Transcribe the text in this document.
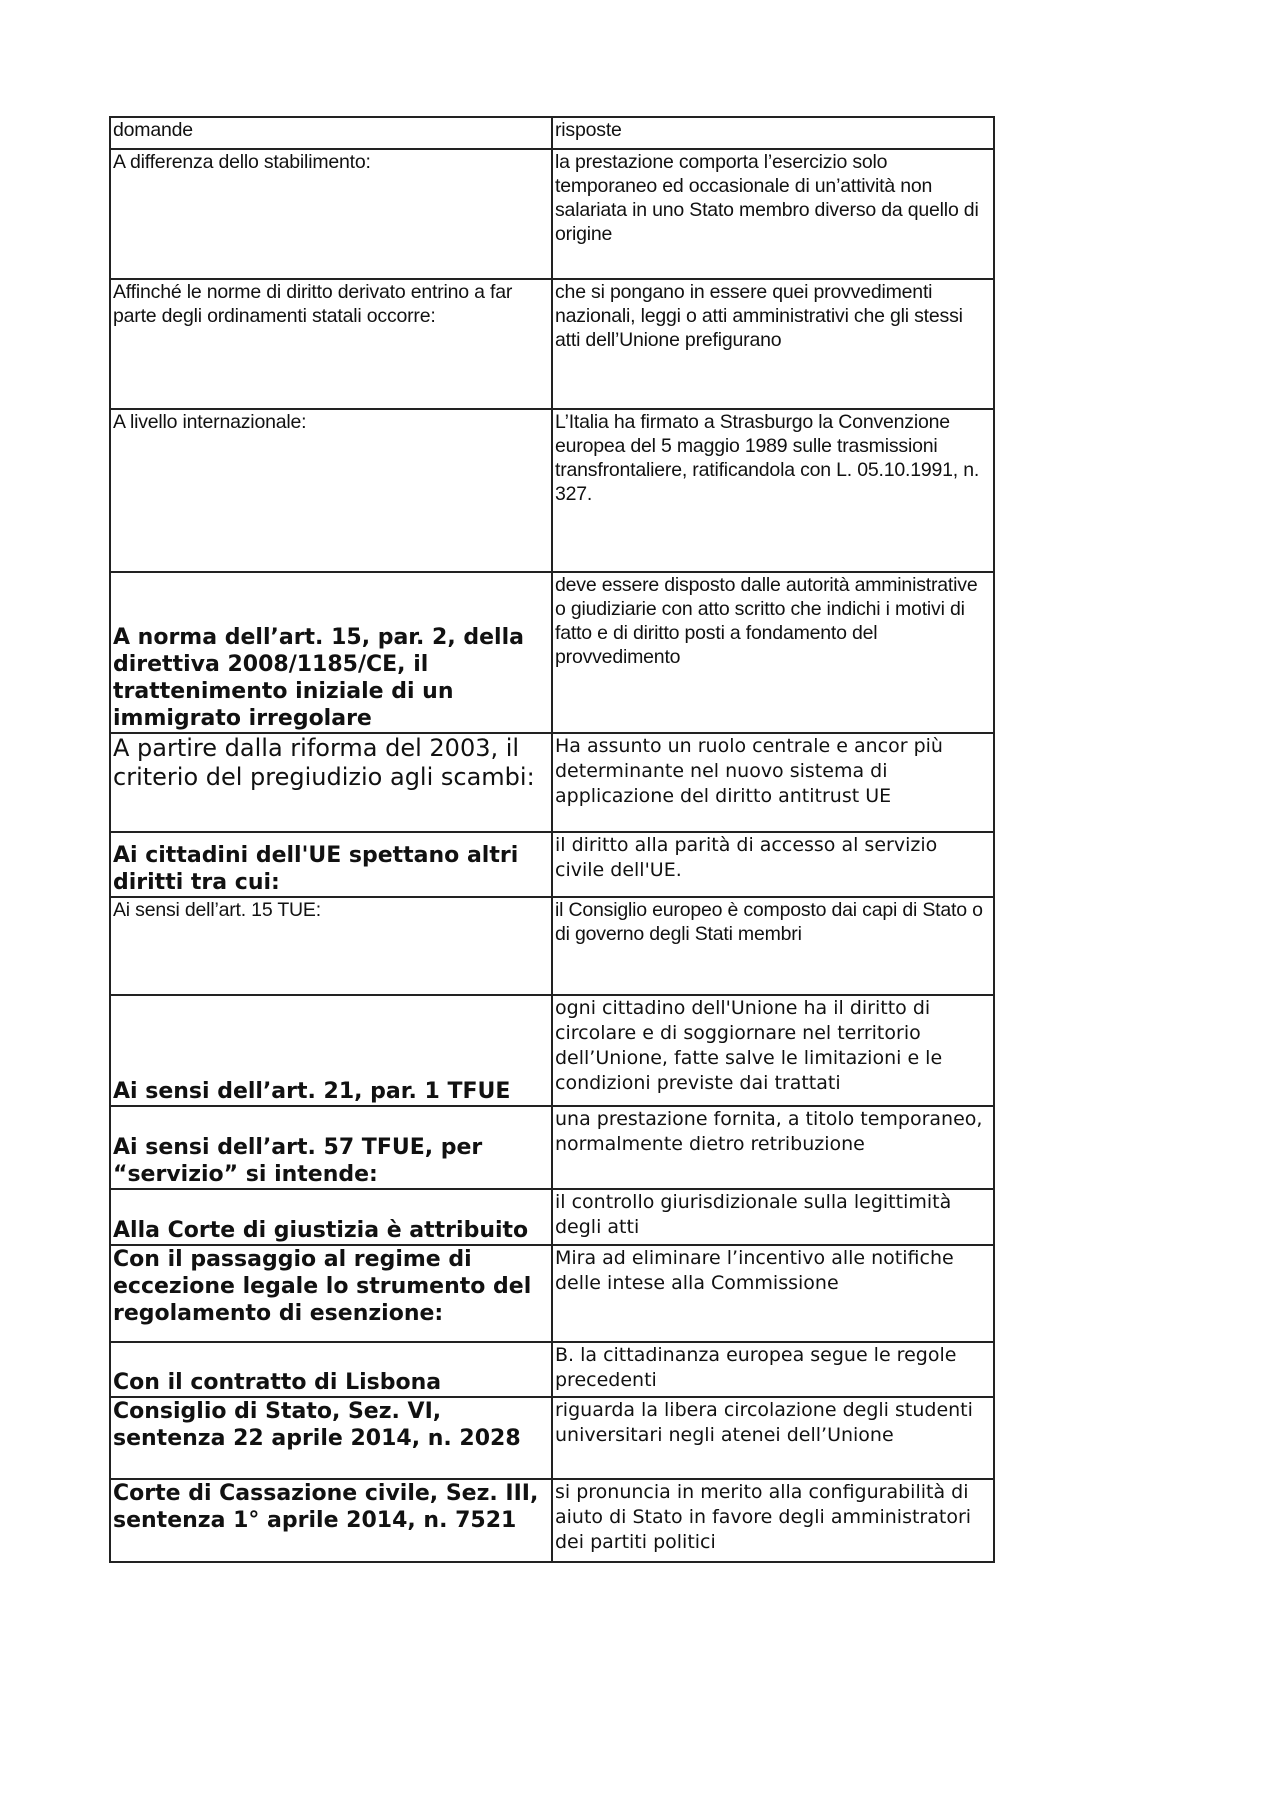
domande	risposte
A differenza dello stabilimento:	la prestazione comporta l’esercizio solo temporaneo ed occasionale di un’attività non salariata in uno Stato membro diverso da quello di origine
Affinché le norme di diritto derivato entrino a far parte degli ordinamenti statali occorre:	che si pongano in essere quei provvedimenti nazionali, leggi o atti amministrativi che gli stessi atti dell’Unione prefigurano
A livello internazionale:	L’Italia ha firmato a Strasburgo la Convenzione europea del 5 maggio 1989 sulle trasmissioni transfrontaliere, ratificandola con L. 05.10.1991, n. 327.
A norma dell’art. 15, par. 2, della direttiva 2008/1185/CE, il trattenimento iniziale di un immigrato irregolare	deve essere disposto dalle autorità amministrative o giudiziarie con atto scritto che indichi i motivi di fatto e di diritto posti a fondamento del provvedimento
A partire dalla riforma del 2003, il criterio del pregiudizio agli scambi:	Ha assunto un ruolo centrale e ancor più determinante nel nuovo sistema di applicazione del diritto antitrust UE
Ai cittadini dell'UE spettano altri diritti tra cui:	il diritto alla parità di accesso al servizio civile dell'UE.
Ai sensi dell’art. 15 TUE:	il Consiglio europeo è composto dai capi di Stato o di governo degli Stati membri
Ai sensi dell’art. 21, par. 1 TFUE	ogni cittadino dell'Unione ha il diritto di circolare e di soggiornare nel territorio dell’Unione, fatte salve le limitazioni e le condizioni previste dai trattati
Ai sensi dell’art. 57 TFUE, per “servizio” si intende:	una prestazione fornita, a titolo temporaneo, normalmente dietro retribuzione
Alla Corte di giustizia è attribuito	il controllo giurisdizionale sulla legittimità degli atti
Con il passaggio al regime di eccezione legale lo strumento del regolamento di esenzione:	Mira ad eliminare l’incentivo alle notifiche delle intese alla Commissione
Con il contratto di Lisbona	B. la cittadinanza europea segue le regole precedenti
Consiglio di Stato, Sez. VI, sentenza 22 aprile 2014, n. 2028	riguarda la libera circolazione degli studenti universitari negli atenei dell’Unione
Corte di Cassazione civile, Sez. III, sentenza 1° aprile 2014, n. 7521	si pronuncia in merito alla configurabilità di aiuto di Stato in favore degli amministratori dei partiti politici
